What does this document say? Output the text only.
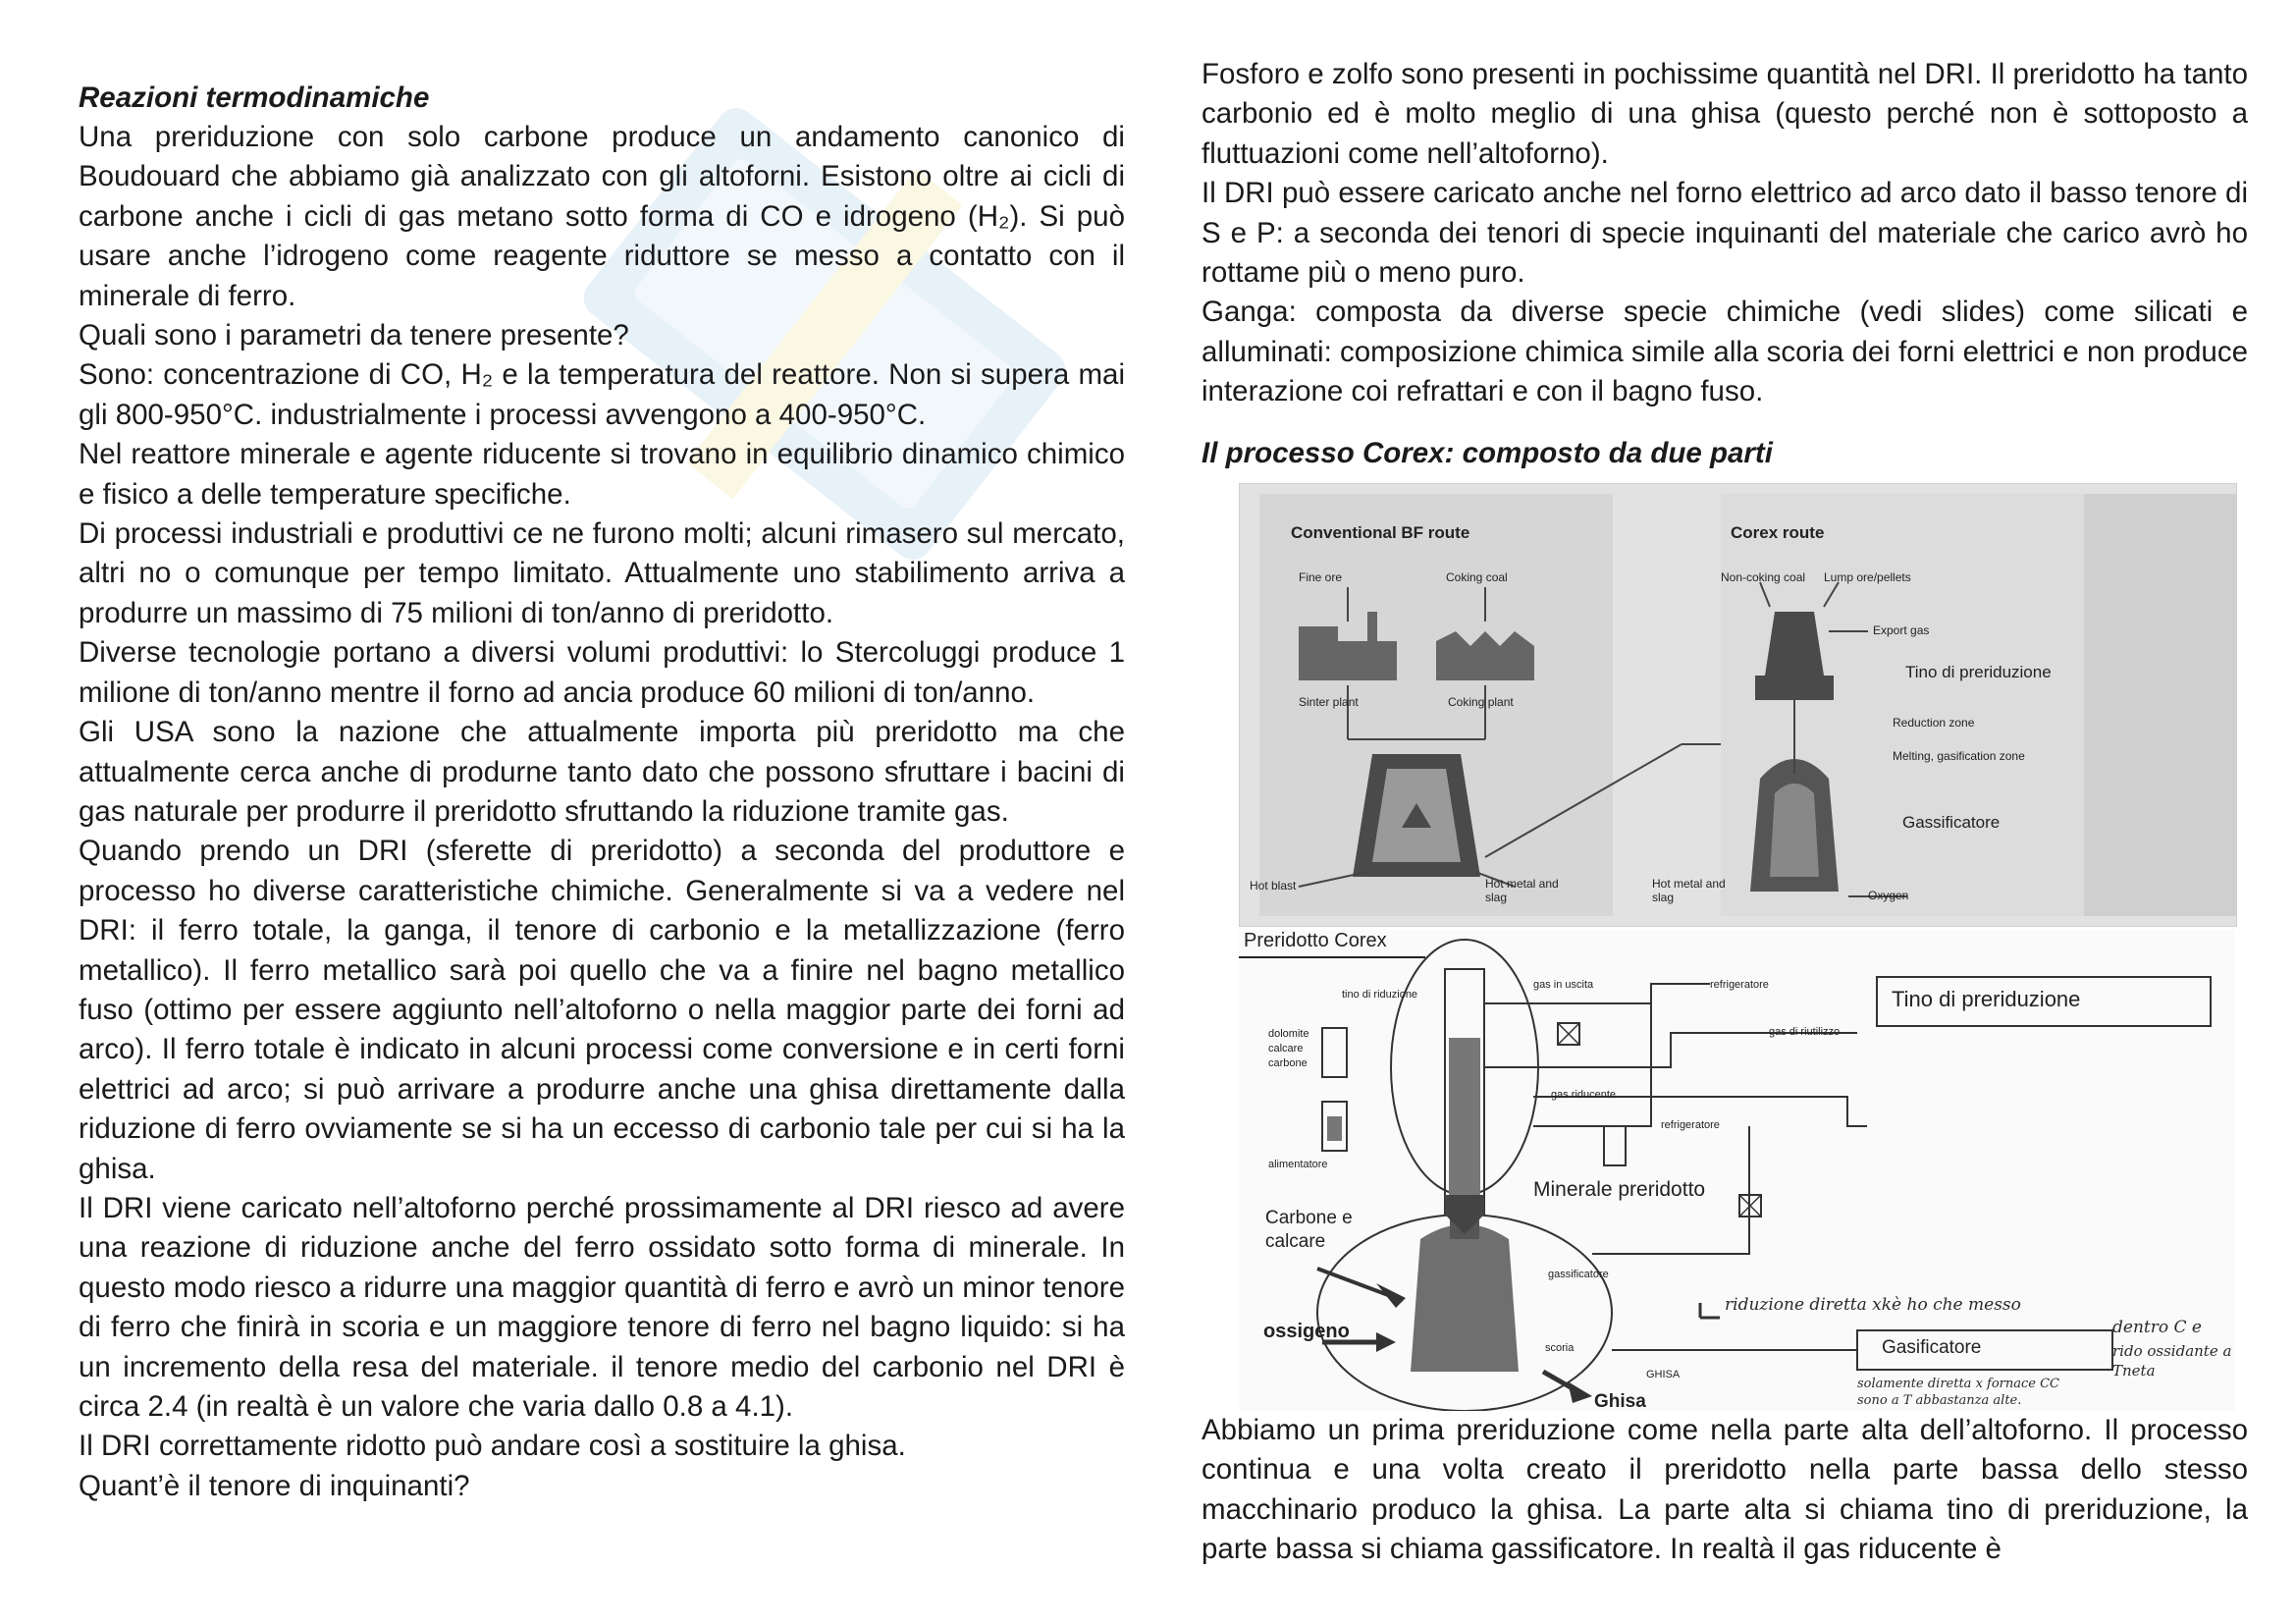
Reazioni termodinamiche

Una preriduzione con solo carbone produce un andamento canonico di Boudouard che abbiamo già analizzato con gli altoforni. Esistono oltre ai cicli di carbone anche i cicli di gas metano sotto forma di CO e idrogeno (H₂). Si può usare anche l’idrogeno come reagente riduttore se messo a contatto con il minerale di ferro.

Quali sono i parametri da tenere presente?

Sono: concentrazione di CO, H₂ e la temperatura del reattore. Non si supera mai gli 800-950°C. industrialmente i processi avvengono a 400-950°C.

Nel reattore minerale e agente riducente si trovano in equilibrio dinamico chimico e fisico a delle temperature specifiche.

Di processi industriali e produttivi ce ne furono molti; alcuni rimasero sul mercato, altri no o comunque per tempo limitato. Attualmente uno stabilimento arriva a produrre un massimo di 75 milioni di ton/anno di preridotto.

Diverse tecnologie portano a diversi volumi produttivi: lo Stercoluggi produce 1 milione di ton/anno mentre il forno ad ancia produce 60 milioni di ton/anno.

Gli USA sono la nazione che attualmente importa più preridotto ma che attualmente cerca anche di produrne tanto dato che possono sfruttare i bacini di gas naturale per produrre il preridotto sfruttando la riduzione tramite gas.

Quando prendo un DRI (sferette di preridotto) a seconda del produttore e processo ho diverse caratteristiche chimiche. Generalmente si va a vedere nel DRI: il ferro totale, la ganga, il tenore di carbonio e la metallizzazione (ferro metallico). Il ferro metallico sarà poi quello che va a finire nel bagno metallico fuso (ottimo per essere aggiunto nell’altoforno o nella maggior parte dei forni ad arco). Il ferro totale è indicato in alcuni processi come conversione e in certi forni elettrici ad arco; si può arrivare a produrre anche una ghisa direttamente dalla riduzione di ferro ovviamente se si ha un eccesso di carbonio tale per cui si ha la ghisa.

Il DRI viene caricato nell’altoforno perché prossimamente al DRI riesco ad avere una reazione di riduzione anche del ferro ossidato sotto forma di minerale. In questo modo riesco a ridurre una maggior quantità di ferro e avrò un minor tenore di ferro che finirà in scoria e un maggiore tenore di ferro nel bagno liquido: si ha un incremento della resa del materiale. il tenore medio del carbonio nel DRI è circa 2.4 (in realtà è un valore che varia dallo 0.8 a 4.1).

Il DRI correttamente ridotto può andare così a sostituire la ghisa.

Quant’è il tenore di inquinanti?

Fosforo e zolfo sono presenti in pochissime quantità nel DRI. Il preridotto ha tanto carbonio ed è molto meglio di una ghisa (questo perché non è sottoposto a fluttuazioni come nell’altoforno).

Il DRI può essere caricato anche nel forno elettrico ad arco dato il basso tenore di S e P: a seconda dei tenori di specie inquinanti del materiale che carico avrò ho rottame più o meno puro.

Ganga: composta da diverse specie chimiche (vedi slides) come silicati e alluminati: composizione chimica simile alla scoria dei forni elettrici e non produce interazione coi refrattari e con il bagno fuso.

Il processo Corex: composto da due parti

Abbiamo un prima preriduzione come nella parte alta dell’altoforno. Il processo continua e una volta creato il preridotto nella parte bassa dello stesso macchinario produco la ghisa. La parte alta si chiama tino di preriduzione, la parte bassa si chiama gassificatore. In realtà il gas riducente è

Conventional BF route	Corex route
Fine ore	Coking coal
Sinter plant	Coking plant
Non-coking coal Lump ore/pellets
Export gas
Tino di preriduzione
Reduction zone
Melting, gasification zone
Gassificatore
Hot blast	Hot metal and slag
Hot metal and slag	Oxygen
Preridotto Corex
Tino di preriduzione
tino di riduzione
gas in uscita	refrigeratore
gas di riutilizzo
dolomite
calcare
carbone
gas riducente
refrigeratore
alimentatore
Minerale preridotto
Carbone e calcare
gassificatore
ossigeno
Gasificatore
scoria
GHISA
Ghisa
riduzione diretta xkè ho che messo
dentro C e
rido ossidante a
Tneta
solamente diretta x fornace CC
sono a T abbastanza alte.
